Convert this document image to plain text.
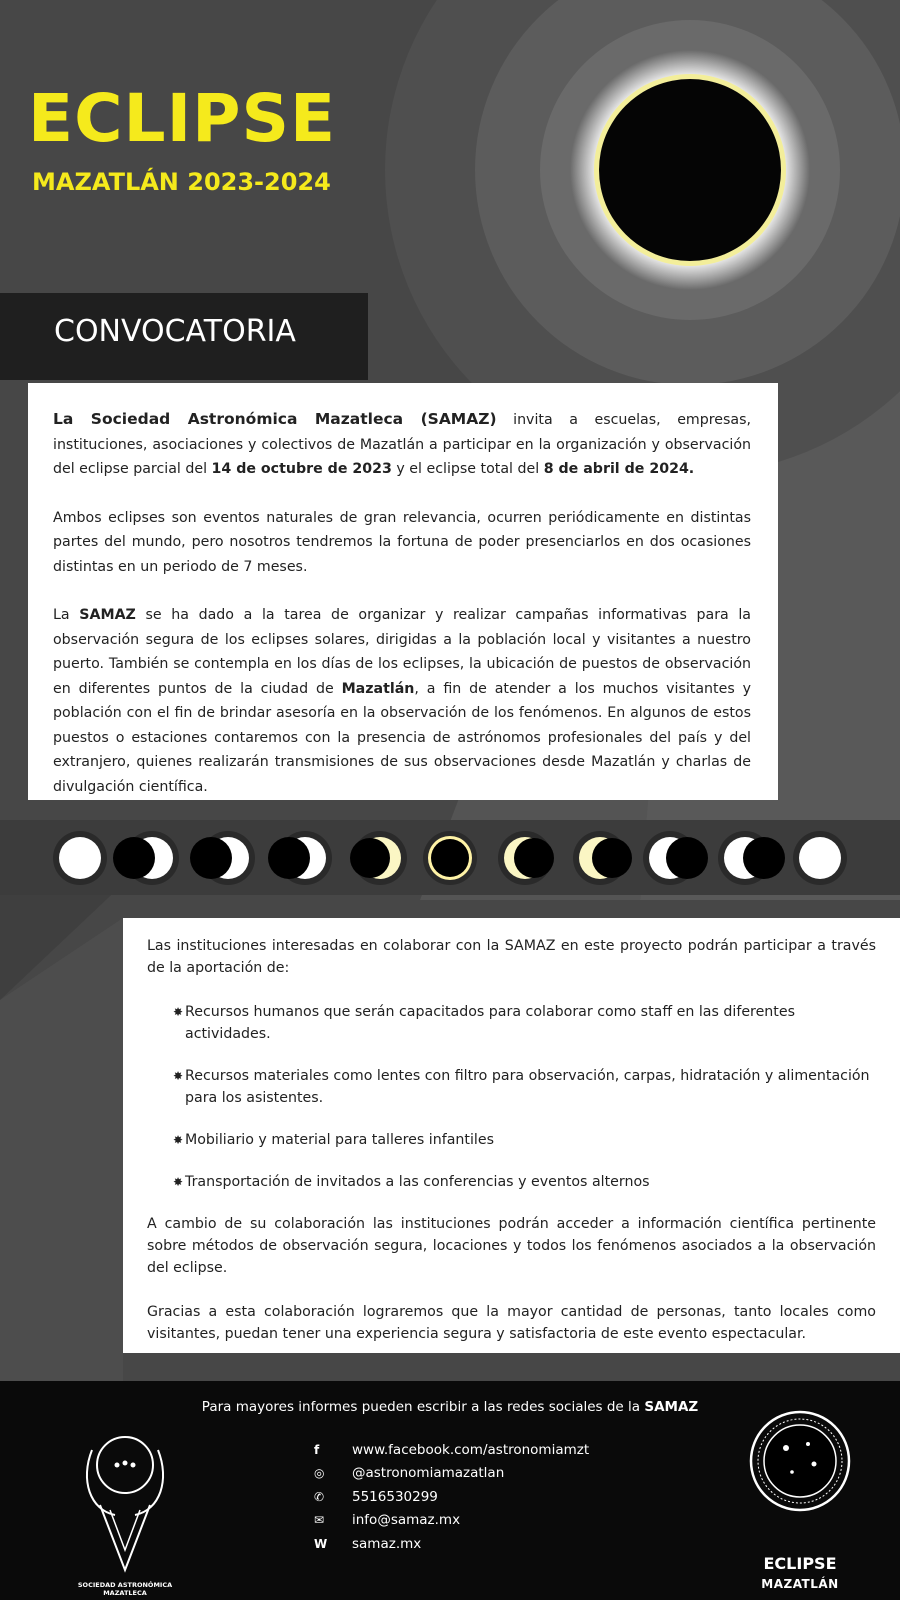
ECLIPSE
MAZATLÁN 2023-2024
CONVOCATORIA

La Sociedad Astronómica Mazatleca (SAMAZ) invita a escuelas, empresas, instituciones, asociaciones y colectivos de Mazatlán a participar en la organización y observación del eclipse parcial del 14 de octubre de 2023 y el eclipse total del 8 de abril de 2024.

Ambos eclipses son eventos naturales de gran relevancia, ocurren periódicamente en distintas partes del mundo, pero nosotros tendremos la fortuna de poder presenciarlos en dos ocasiones distintas en un periodo de 7 meses.

La SAMAZ se ha dado a la tarea de organizar y realizar campañas informativas para la observación segura de los eclipses solares, dirigidas a la población local y visitantes a nuestro puerto. También se contempla en los días de los eclipses, la ubicación de puestos de observación en diferentes puntos de la ciudad de Mazatlán, a fin de atender a los muchos visitantes y población con el fin de brindar asesoría en la observación de los fenómenos. En algunos de estos puestos o estaciones contaremos con la presencia de astrónomos profesionales del país y del extranjero, quienes realizarán transmisiones de sus observaciones desde Mazatlán y charlas de divulgación científica.

Las instituciones interesadas en colaborar con la SAMAZ en este proyecto podrán participar a través de la aportación de:

✸ Recursos humanos que serán capacitados para colaborar como staff en las diferentes actividades.
✸ Recursos materiales como lentes con filtro para observación, carpas, hidratación y alimentación para los asistentes.
✸ Mobiliario y material para talleres infantiles
✸ Transportación de invitados a las conferencias y eventos alternos

A cambio de su colaboración las instituciones podrán acceder a información científica pertinente sobre métodos de observación segura, locaciones y todos los fenómenos asociados a la observación del eclipse.

Gracias a esta colaboración lograremos que la mayor cantidad de personas, tanto locales como visitantes, puedan tener una experiencia segura y satisfactoria de este evento espectacular.

Para mayores informes pueden escribir a las redes sociales de la SAMAZ
f	www.facebook.com/astronomiamzt
◎	@astronomiamazatlan
✆	5516530299
✉	info@samaz.mx
W	samaz.mx
SOCIEDAD ASTRONÓMICA MAZATLECA
ECLIPSE
MAZATLÁN
